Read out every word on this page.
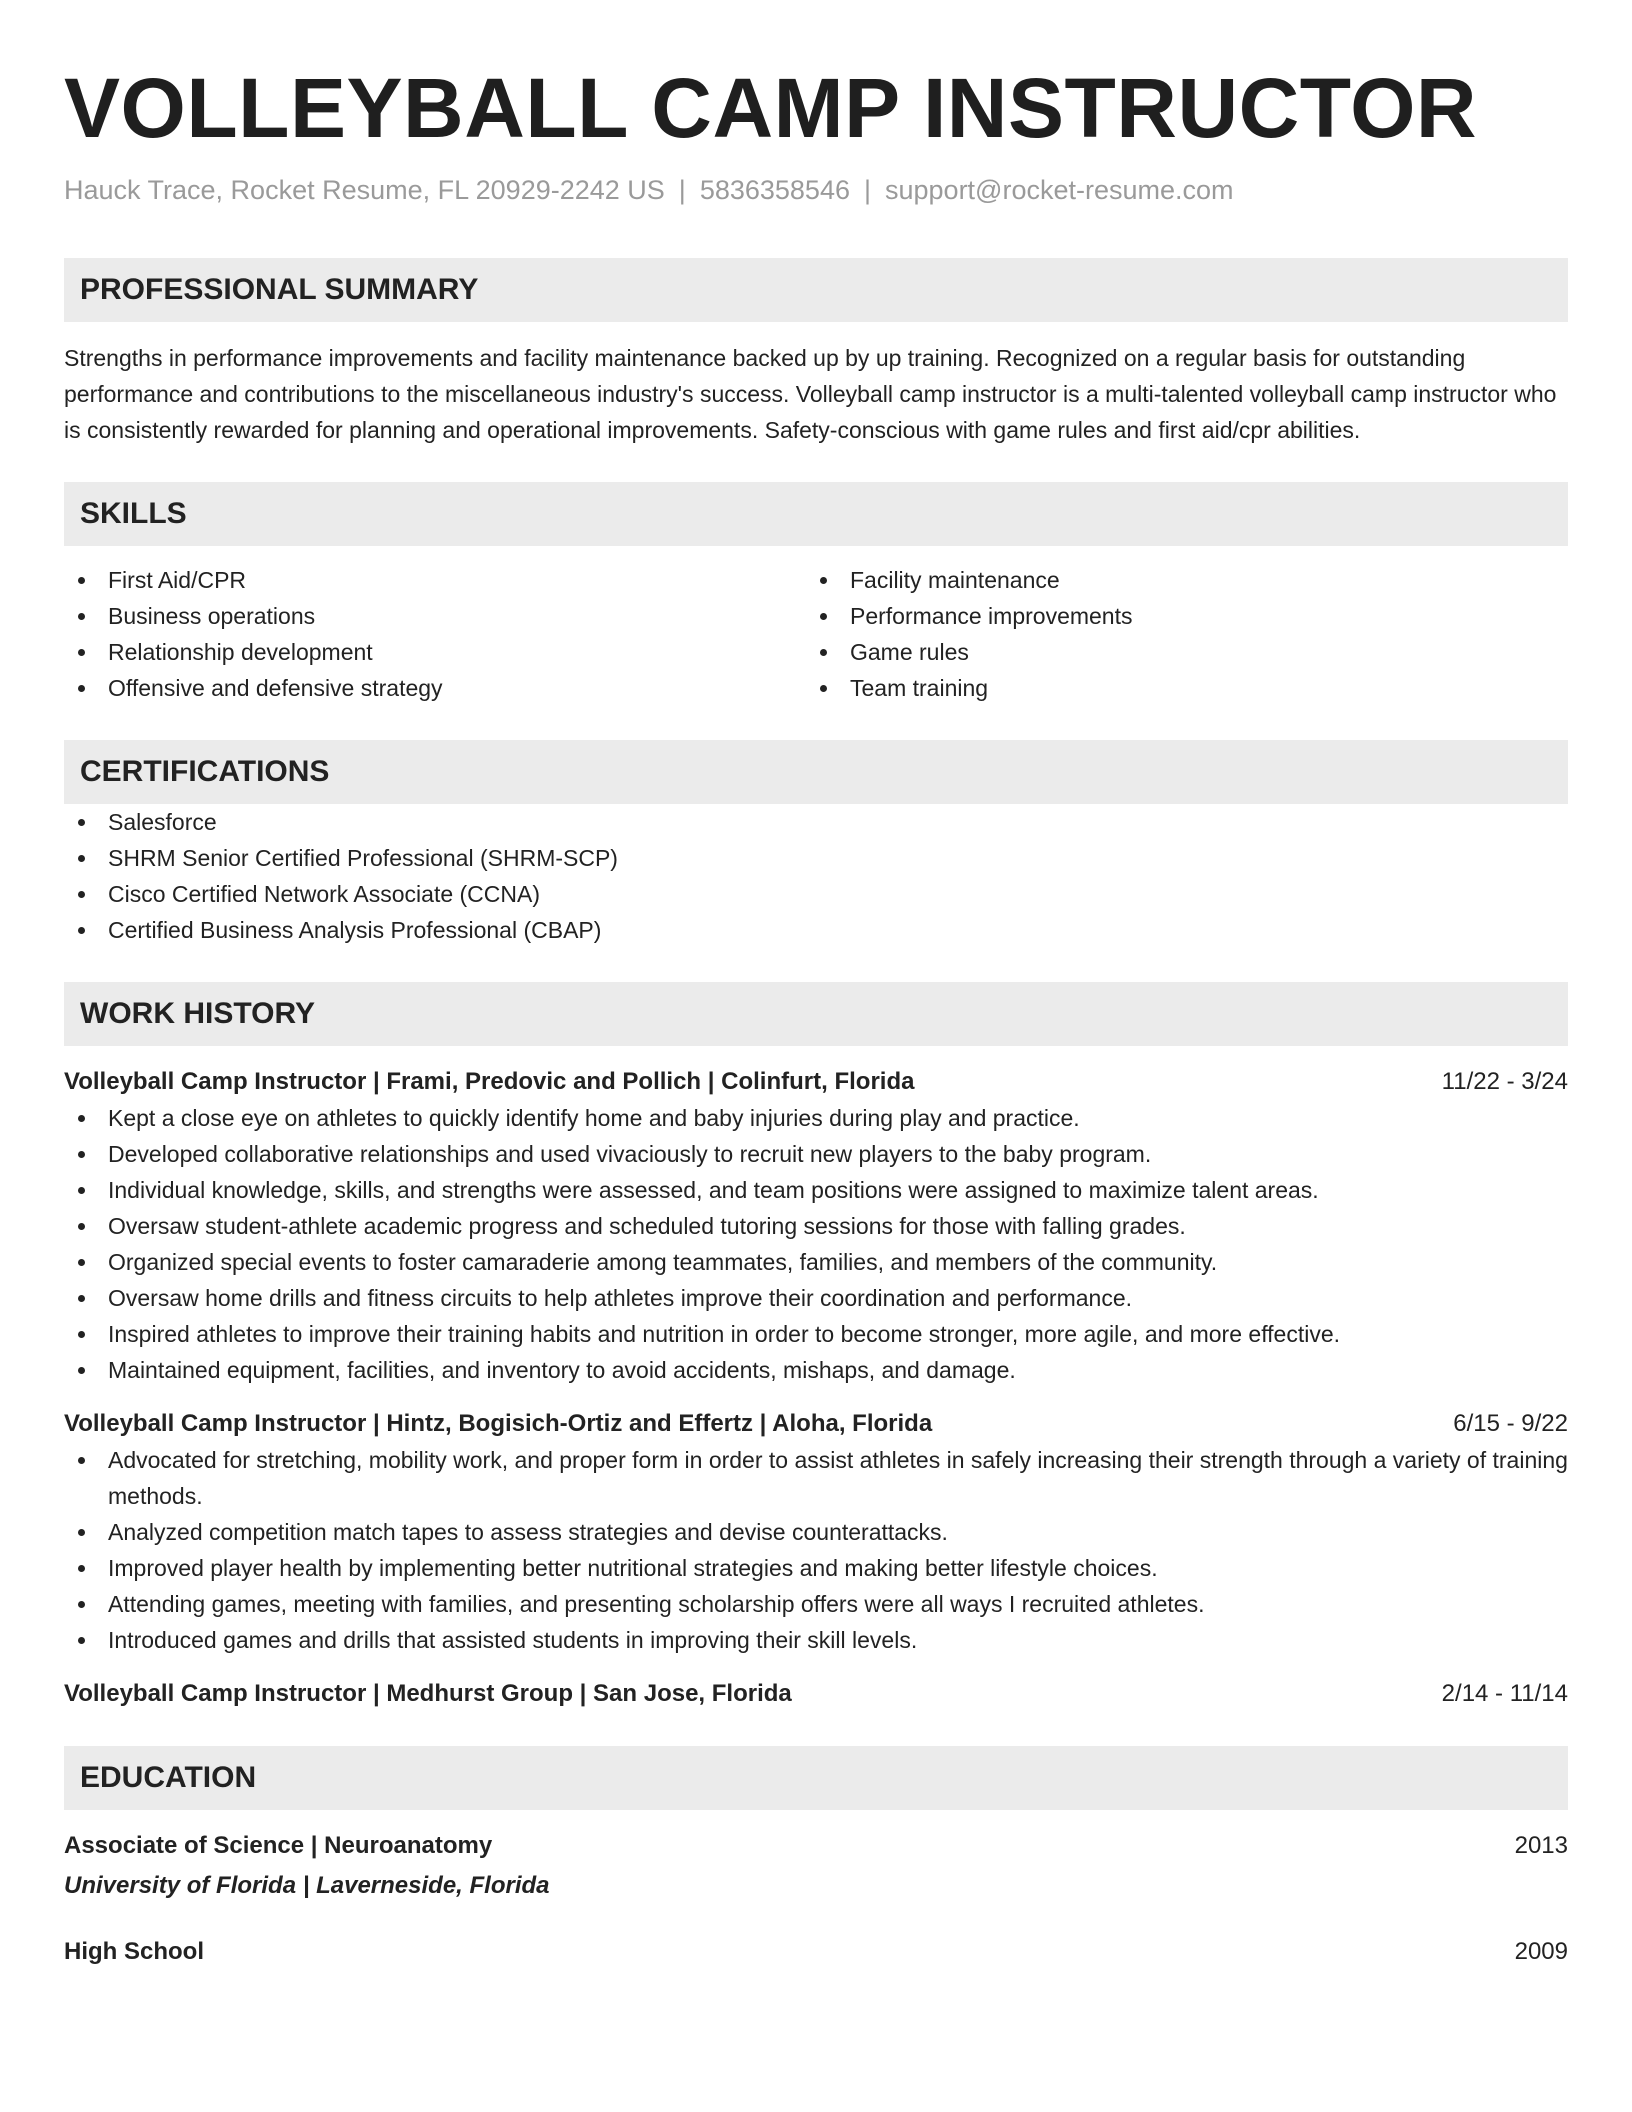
VOLLEYBALL CAMP INSTRUCTOR
Hauck Trace, Rocket Resume, FL 20929-2242 US | 5836358546 | support@rocket-resume.com
PROFESSIONAL SUMMARY

Strengths in performance improvements and facility maintenance backed up by up training. Recognized on a regular basis for outstanding performance and contributions to the miscellaneous industry's success. Volleyball camp instructor is a multi-talented volleyball camp instructor who is consistently rewarded for planning and operational improvements. Safety-conscious with game rules and first aid/cpr abilities.

SKILLS
First Aid/CPR
Business operations
Relationship development
Offensive and defensive strategy
Facility maintenance
Performance improvements
Game rules
Team training
CERTIFICATIONS
Salesforce
SHRM Senior Certified Professional (SHRM-SCP)
Cisco Certified Network Associate (CCNA)
Certified Business Analysis Professional (CBAP)
WORK HISTORY
Volleyball Camp Instructor | Frami, Predovic and Pollich | Colinfurt, Florida	11/22 - 3/24
Kept a close eye on athletes to quickly identify home and baby injuries during play and practice.
Developed collaborative relationships and used vivaciously to recruit new players to the baby program.
Individual knowledge, skills, and strengths were assessed, and team positions were assigned to maximize talent areas.
Oversaw student-athlete academic progress and scheduled tutoring sessions for those with falling grades.
Organized special events to foster camaraderie among teammates, families, and members of the community.
Oversaw home drills and fitness circuits to help athletes improve their coordination and performance.
Inspired athletes to improve their training habits and nutrition in order to become stronger, more agile, and more effective.
Maintained equipment, facilities, and inventory to avoid accidents, mishaps, and damage.
Volleyball Camp Instructor | Hintz, Bogisich-Ortiz and Effertz | Aloha, Florida	6/15 - 9/22
Advocated for stretching, mobility work, and proper form in order to assist athletes in safely increasing their strength through a variety of training methods.
Analyzed competition match tapes to assess strategies and devise counterattacks.
Improved player health by implementing better nutritional strategies and making better lifestyle choices.
Attending games, meeting with families, and presenting scholarship offers were all ways I recruited athletes.
Introduced games and drills that assisted students in improving their skill levels.
Volleyball Camp Instructor | Medhurst Group | San Jose, Florida	2/14 - 11/14
EDUCATION
Associate of Science | Neuroanatomy	2013
University of Florida | Laverneside, Florida
High School	2009
